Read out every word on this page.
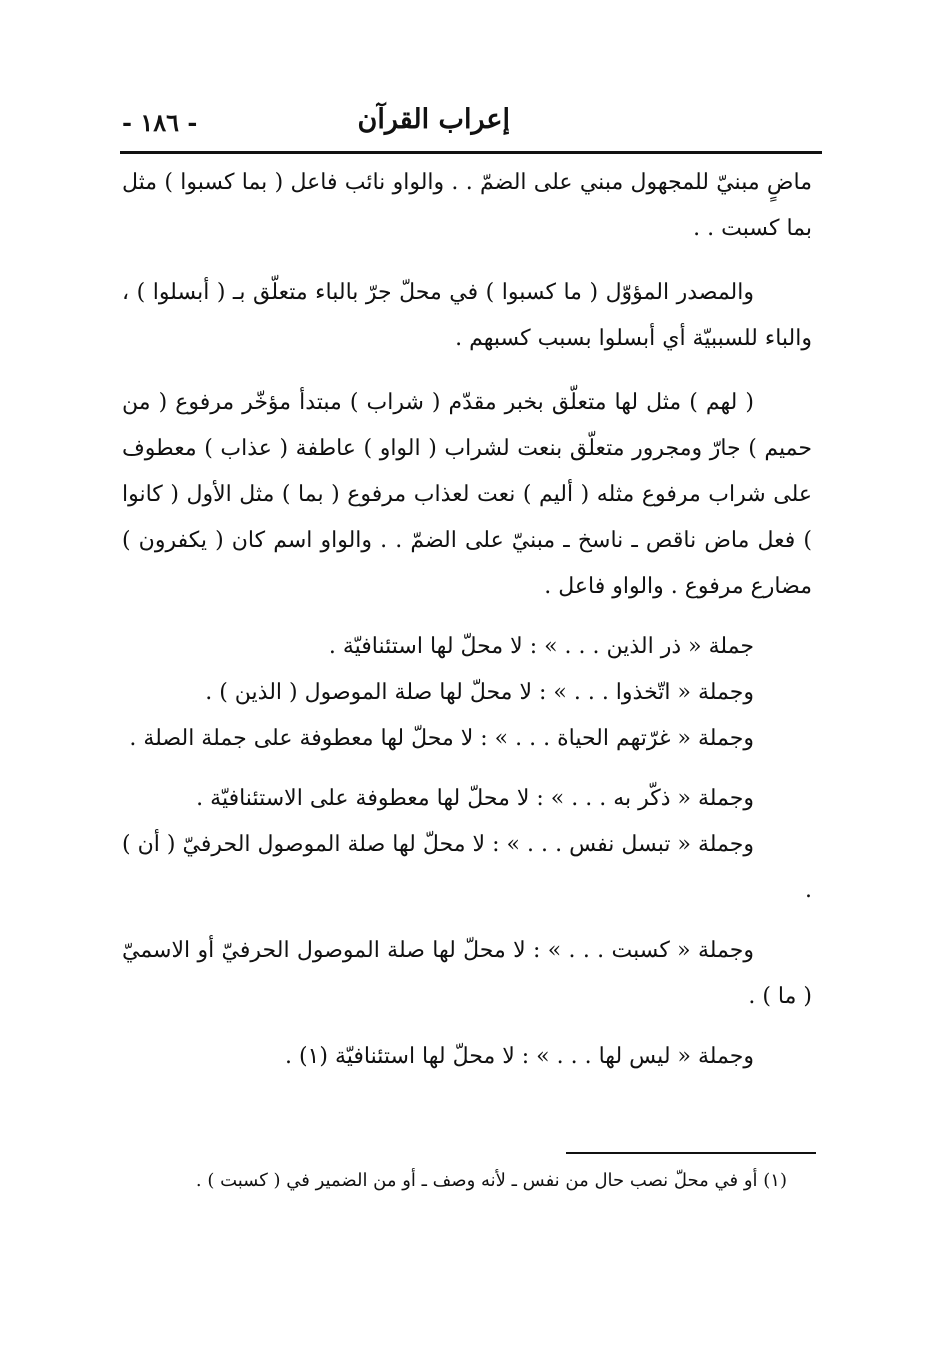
إعراب القرآن
- ١٨٦ -

ماضٍ مبنيّ للمجهول مبني على الضمّ . . والواو نائب فاعل ( بما كسبوا ) مثل بما كسبت . .

والمصدر المؤوّل ( ما كسبوا ) في محلّ جرّ بالباء متعلّق بـ ( أبسلوا ) ، والباء للسببيّة أي أبسلوا بسبب كسبهم .

( لهم ) مثل لها متعلّق بخبر مقدّم ( شراب ) مبتدأ مؤخّر مرفوع ( من حميم ) جارّ ومجرور متعلّق بنعت لشراب ( الواو ) عاطفة ( عذاب ) معطوف على شراب مرفوع مثله ( أليم ) نعت لعذاب مرفوع ( بما ) مثل الأول ( كانوا ) فعل ماض ناقص ـ ناسخ ـ مبنيّ على الضمّ . . والواو اسم كان ( يكفرون ) مضارع مرفوع . والواو فاعل .

جملة « ذر الذين . . . » : لا محلّ لها استئنافيّة .

وجملة « اتّخذوا . . . » : لا محلّ لها صلة الموصول ( الذين ) .

وجملة « غرّتهم الحياة . . . » : لا محلّ لها معطوفة على جملة الصلة .

وجملة « ذكّر به . . . » : لا محلّ لها معطوفة على الاستئنافيّة .

وجملة « تبسل نفس . . . » : لا محلّ لها صلة الموصول الحرفيّ ( أن ) .

وجملة « كسبت . . . » : لا محلّ لها صلة الموصول الحرفيّ أو الاسميّ ( ما ) .

وجملة « ليس لها . . . » : لا محلّ لها استئنافيّة (١) .

(١) أو في محلّ نصب حال من نفس ـ لأنه وصف ـ أو من الضمير في ( كسبت ) .
